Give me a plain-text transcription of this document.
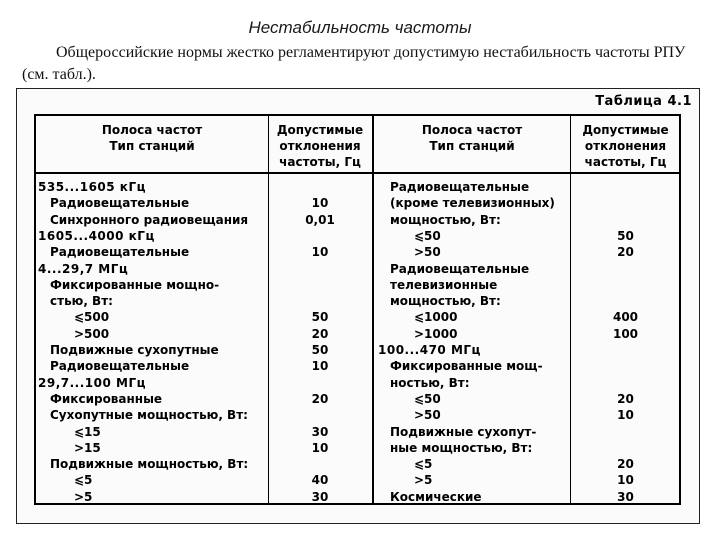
Нестабильность частоты
Общероссийские нормы жестко регламентируют допустимую нестабильность частоты РПУ (см. табл.).
Таблица 4.1
Полоса частот
Тип станций
Допустимые
отклонения
частоты, Гц
Полоса частот
Тип станций
Допустимые
отклонения
частоты, Гц
535...1605 кГц
Радиовещательные	10
Синхронного радиовещания	0,01
1605...4000 кГц
Радиовещательные	10
4...29,7 МГц
Фиксированные мощно-
стью, Вт:
⩽500	50
>500	20
Подвижные сухопутные	50
Радиовещательные	10
29,7...100 МГц
Фиксированные	20
Сухопутные мощностью, Вт:
⩽15	30
>15	10
Подвижные мощностью, Вт:
⩽5	40
>5	30
Радиовещательные
(кроме телевизионных)
мощностью, Вт:
⩽50	50
>50	20
Радиовещательные
телевизионные
мощностью, Вт:
⩽1000	400
>1000	100
100...470 МГц
Фиксированные мощ-
ностью, Вт:
⩽50	20
>50	10
Подвижные сухопут-
ные мощностью, Вт:
⩽5	20
>5	10
Космические	30
